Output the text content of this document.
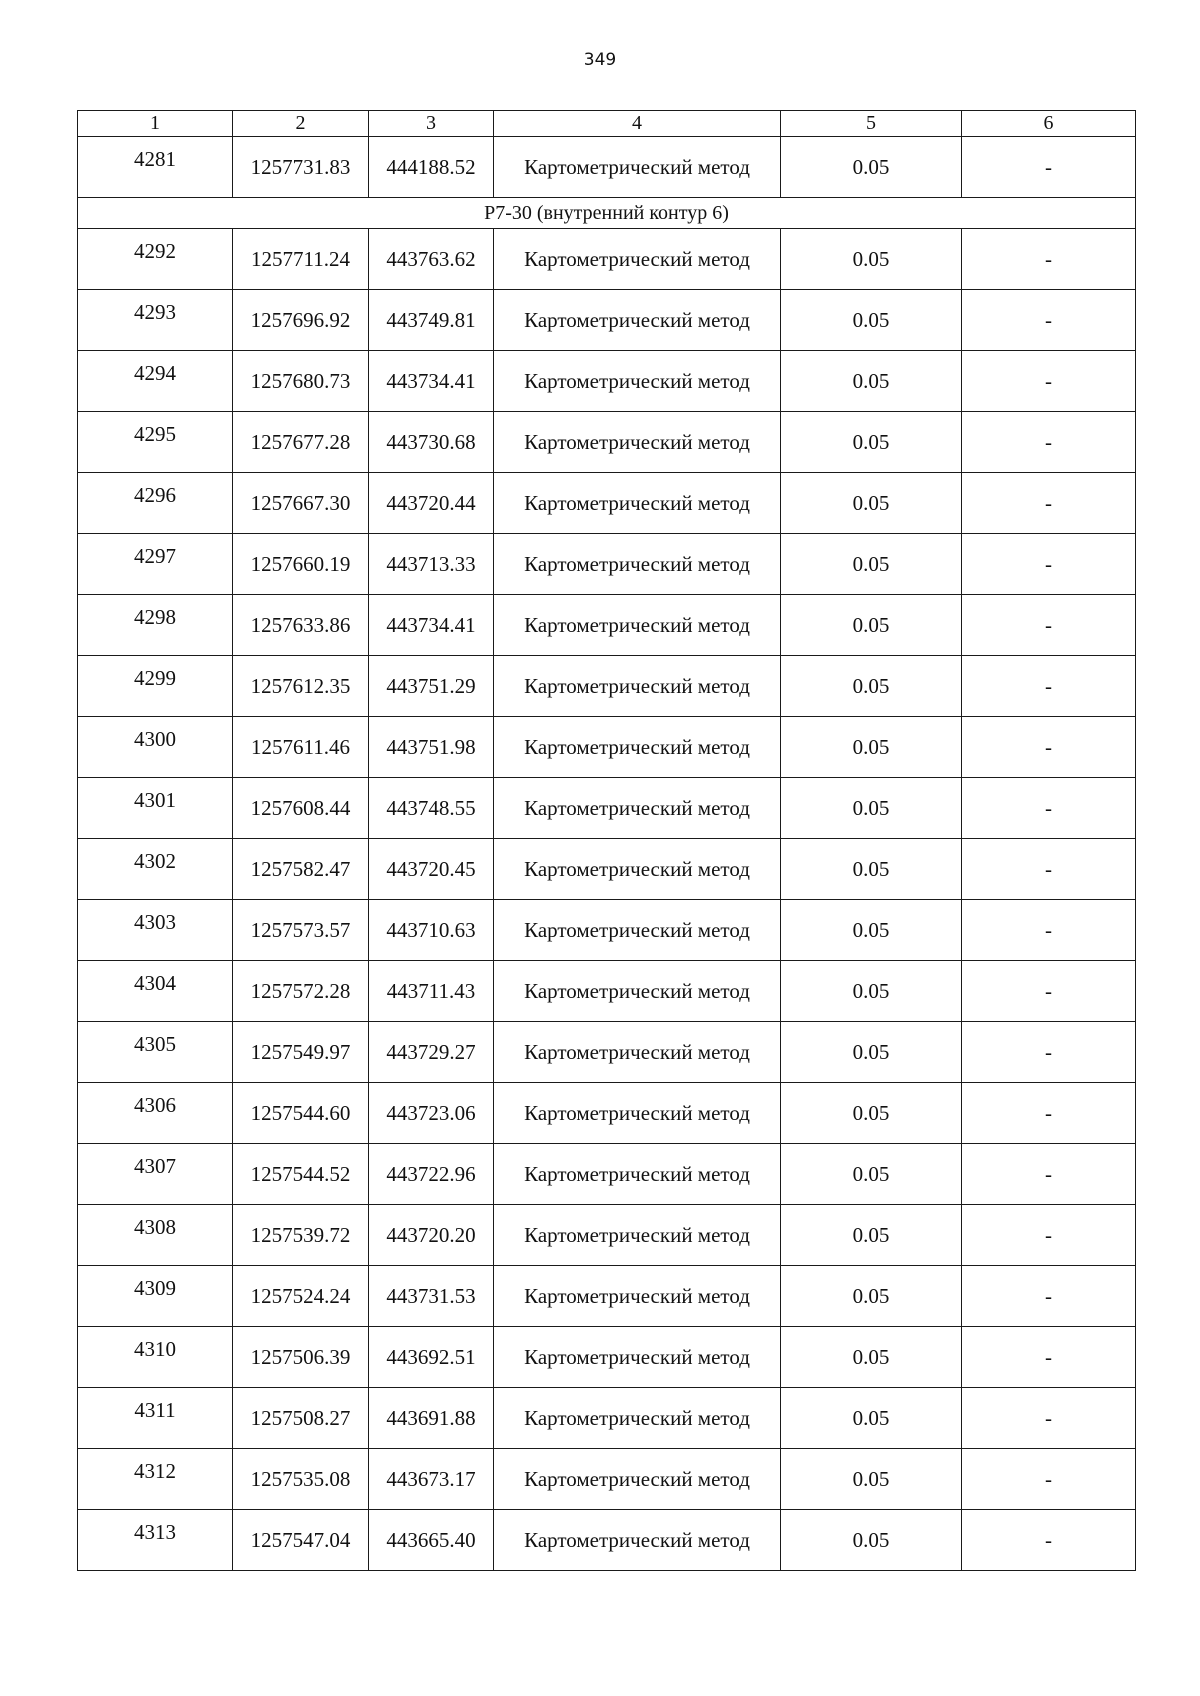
349
1	2	3	4	5	6
4281	1257731.83	444188.52	Картометрический метод	0.05	-
Р7-30 (внутренний контур 6)					
4292	1257711.24	443763.62	Картометрический метод	0.05	-
4293	1257696.92	443749.81	Картометрический метод	0.05	-
4294	1257680.73	443734.41	Картометрический метод	0.05	-
4295	1257677.28	443730.68	Картометрический метод	0.05	-
4296	1257667.30	443720.44	Картометрический метод	0.05	-
4297	1257660.19	443713.33	Картометрический метод	0.05	-
4298	1257633.86	443734.41	Картометрический метод	0.05	-
4299	1257612.35	443751.29	Картометрический метод	0.05	-
4300	1257611.46	443751.98	Картометрический метод	0.05	-
4301	1257608.44	443748.55	Картометрический метод	0.05	-
4302	1257582.47	443720.45	Картометрический метод	0.05	-
4303	1257573.57	443710.63	Картометрический метод	0.05	-
4304	1257572.28	443711.43	Картометрический метод	0.05	-
4305	1257549.97	443729.27	Картометрический метод	0.05	-
4306	1257544.60	443723.06	Картометрический метод	0.05	-
4307	1257544.52	443722.96	Картометрический метод	0.05	-
4308	1257539.72	443720.20	Картометрический метод	0.05	-
4309	1257524.24	443731.53	Картометрический метод	0.05	-
4310	1257506.39	443692.51	Картометрический метод	0.05	-
4311	1257508.27	443691.88	Картометрический метод	0.05	-
4312	1257535.08	443673.17	Картометрический метод	0.05	-
4313	1257547.04	443665.40	Картометрический метод	0.05	-
